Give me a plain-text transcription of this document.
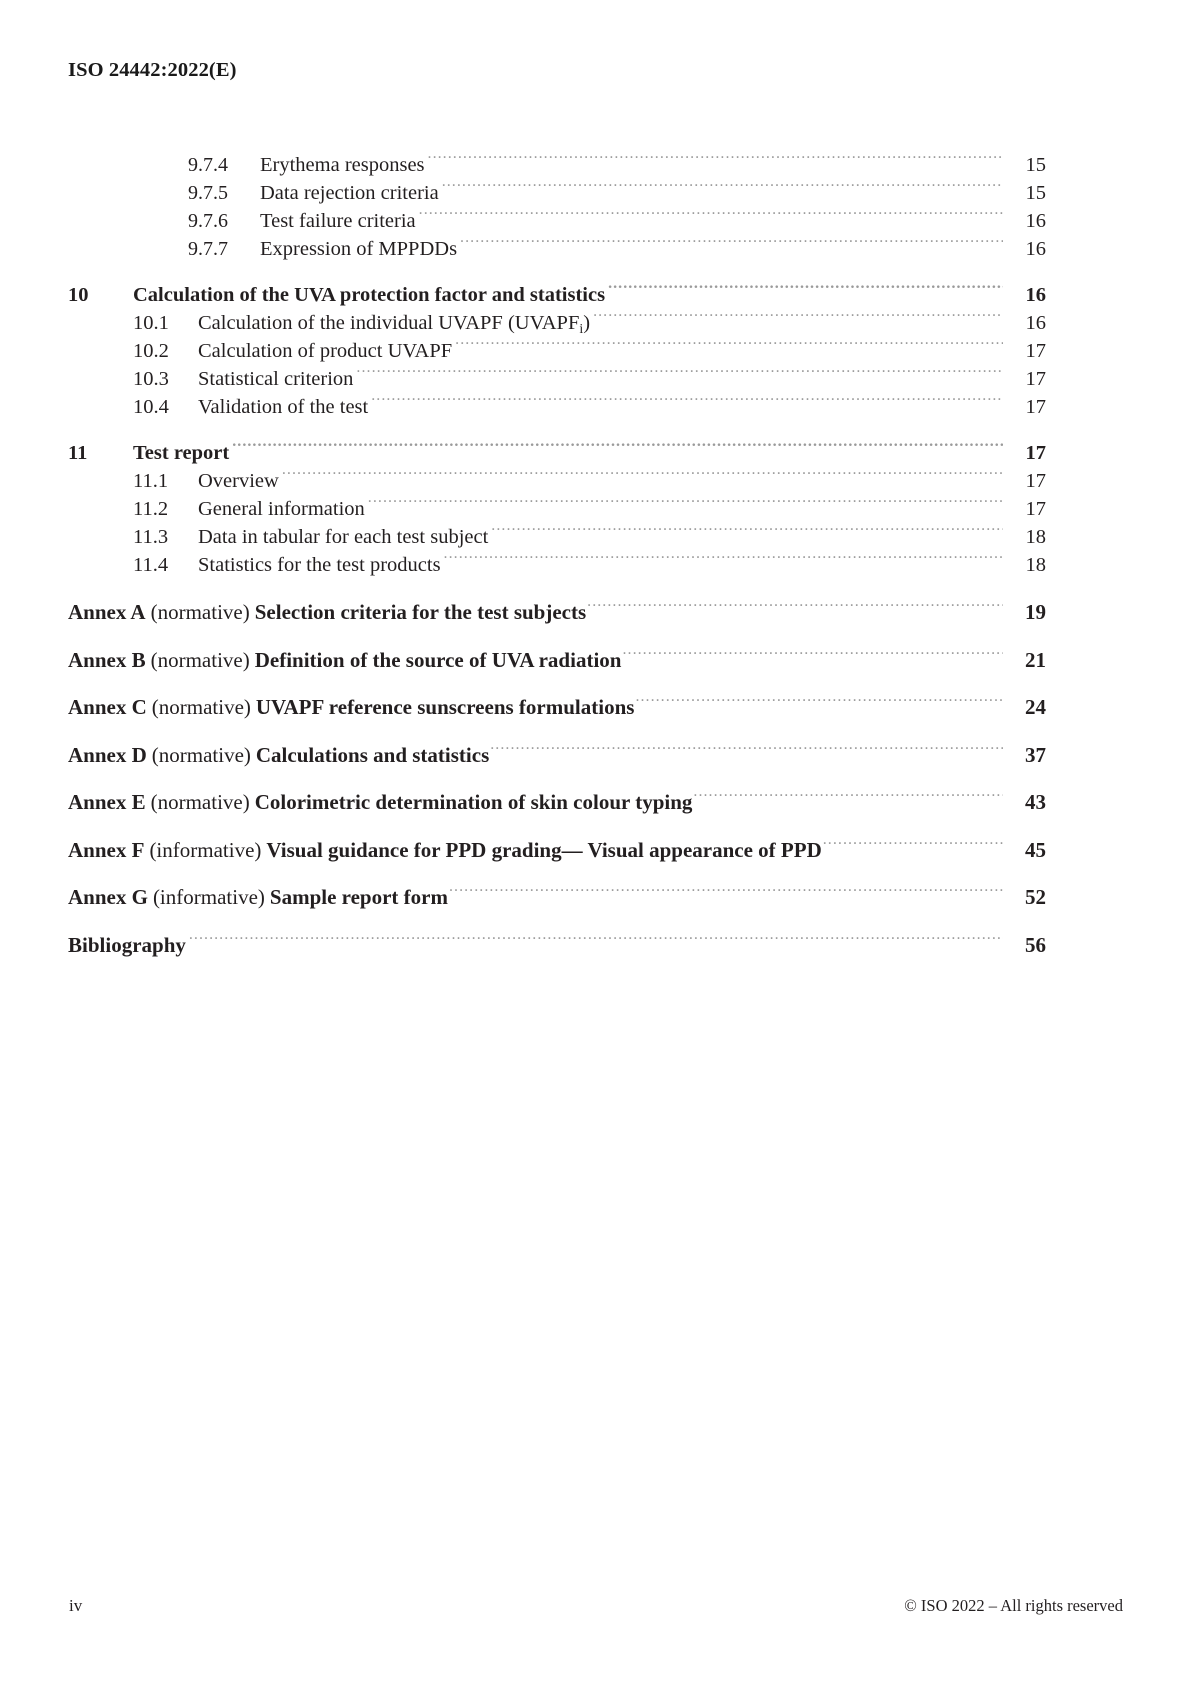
ISO 24442:2022(E)
9.7.4	Erythema responses .....	15
9.7.5	Data rejection criteria .....	15
9.7.6	Test failure criteria .....	16
9.7.7	Expression of MPPDDs .....	16
10	Calculation of the UVA protection factor and statistics .....	16
10.1	Calculation of the individual UVAPF $(UVAPF_i)$ .....	16
10.2	Calculation of product UVAPF .....	17
10.3	Statistical criterion .....	17
10.4	Validation of the test .....	17
11	Test report .....	17
11.1	Overview .....	17
11.2	General information .....	17
11.3	Data in tabular for each test subject .....	18
11.4	Statistics for the test products .....	18
Annex A (normative) Selection criteria for the test subjects .....	19
Annex B (normative) Definition of the source of UVA radiation .....	21
Annex C (normative) UVAPF reference sunscreens formulations .....	24
Annex D (normative) Calculations and statistics .....	37
Annex E (normative) Colorimetric determination of skin colour typing .....	43
Annex F (informative) Visual guidance for PPD grading— Visual appearance of PPD .....	45
Annex G (informative) Sample report form .....	52
Bibliography .....	56
iv	© ISO 2022 – All rights reserved
